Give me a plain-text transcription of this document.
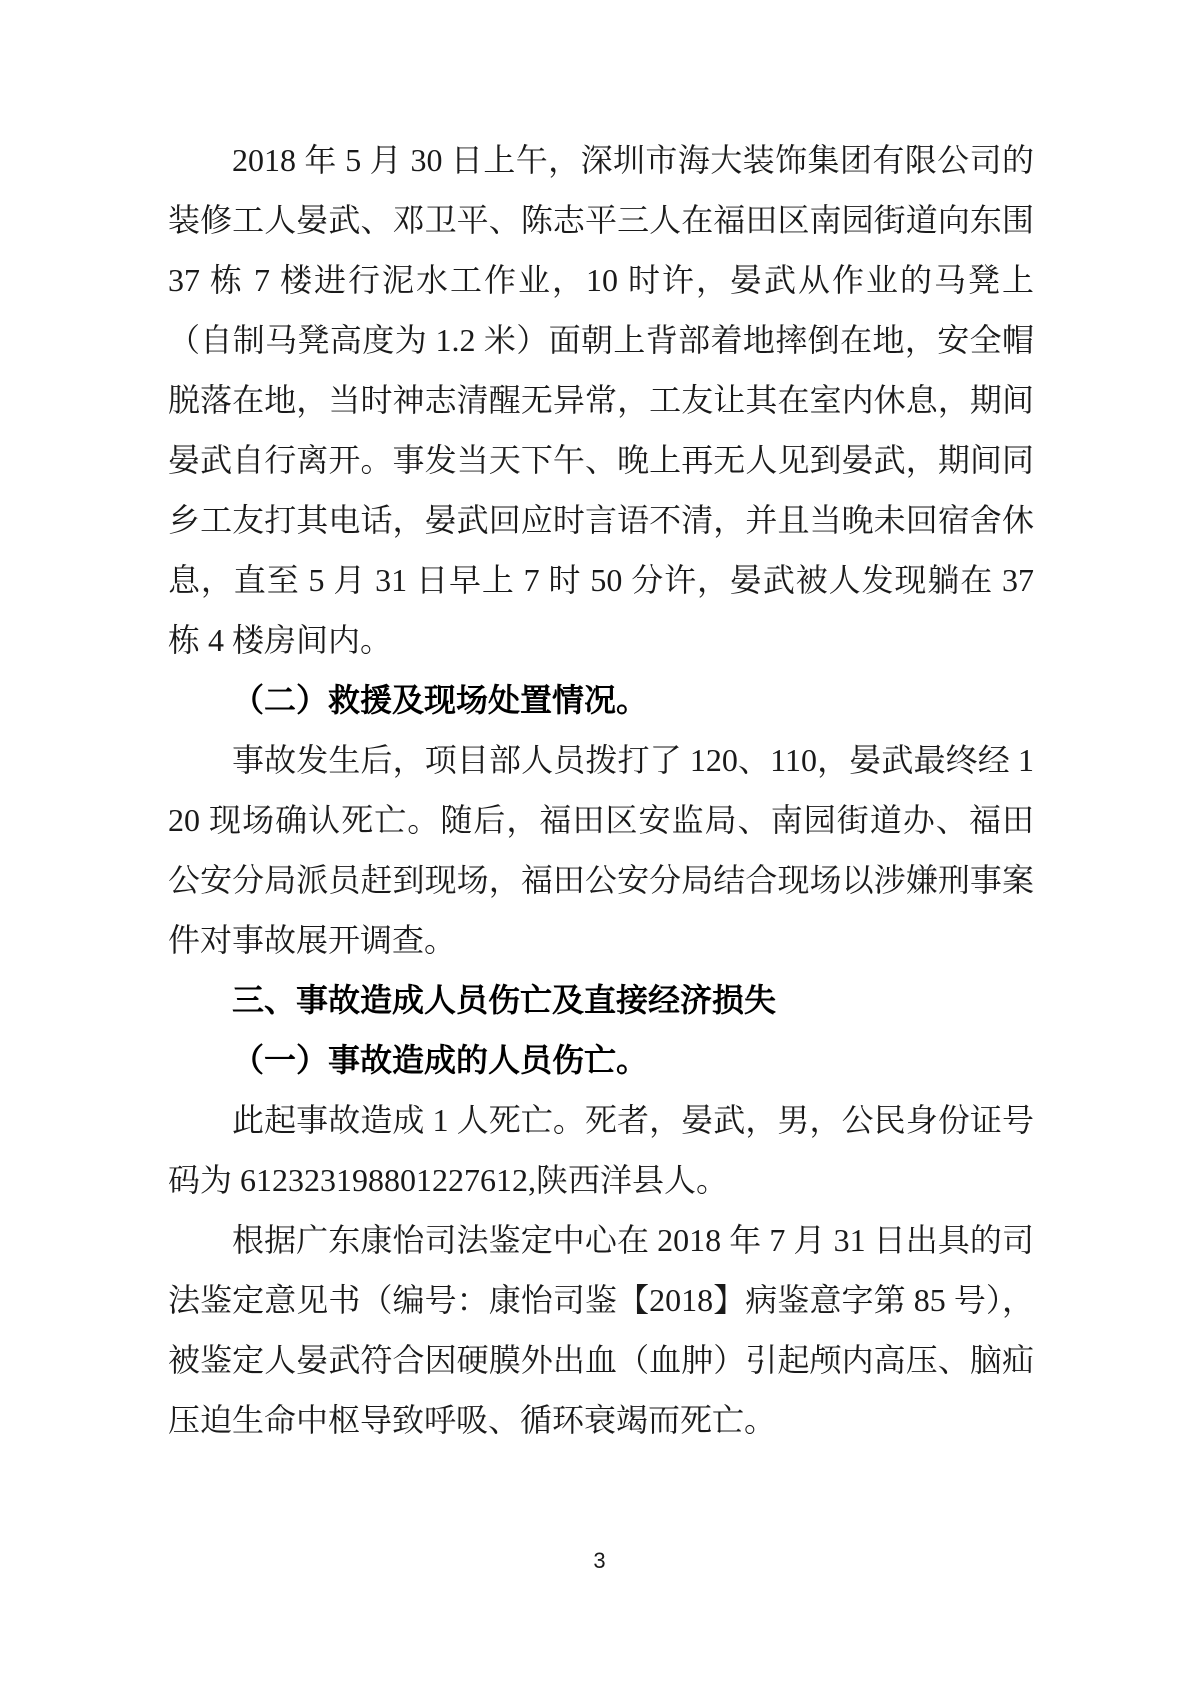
2018 年 5 月 30 日上午，深圳市海大装饰集团有限公司的装修工人晏武、邓卫平、陈志平三人在福田区南园街道向东围 37 栋 7 楼进行泥水工作业，10 时许，晏武从作业的马凳上（自制马凳高度为 1.2 米）面朝上背部着地摔倒在地，安全帽脱落在地，当时神志清醒无异常，工友让其在室内休息，期间晏武自行离开。事发当天下午、晚上再无人见到晏武，期间同乡工友打其电话，晏武回应时言语不清，并且当晚未回宿舍休息，直至 5 月 31 日早上 7 时 50 分许，晏武被人发现躺在 37 栋 4 楼房间内。

（二）救援及现场处置情况。

事故发生后，项目部人员拨打了 120、110，晏武最终经 120 现场确认死亡。随后，福田区安监局、南园街道办、福田公安分局派员赶到现场，福田公安分局结合现场以涉嫌刑事案件对事故展开调查。

三、事故造成人员伤亡及直接经济损失

（一）事故造成的人员伤亡。

此起事故造成 1 人死亡。死者，晏武，男，公民身份证号码为 612323198801227612,陕西洋县人。

根据广东康怡司法鉴定中心在 2018 年 7 月 31 日出具的司法鉴定意见书（编号：康怡司鉴【2018】病鉴意字第 85 号），被鉴定人晏武符合因硬膜外出血（血肿）引起颅内高压、脑疝压迫生命中枢导致呼吸、循环衰竭而死亡。

3
